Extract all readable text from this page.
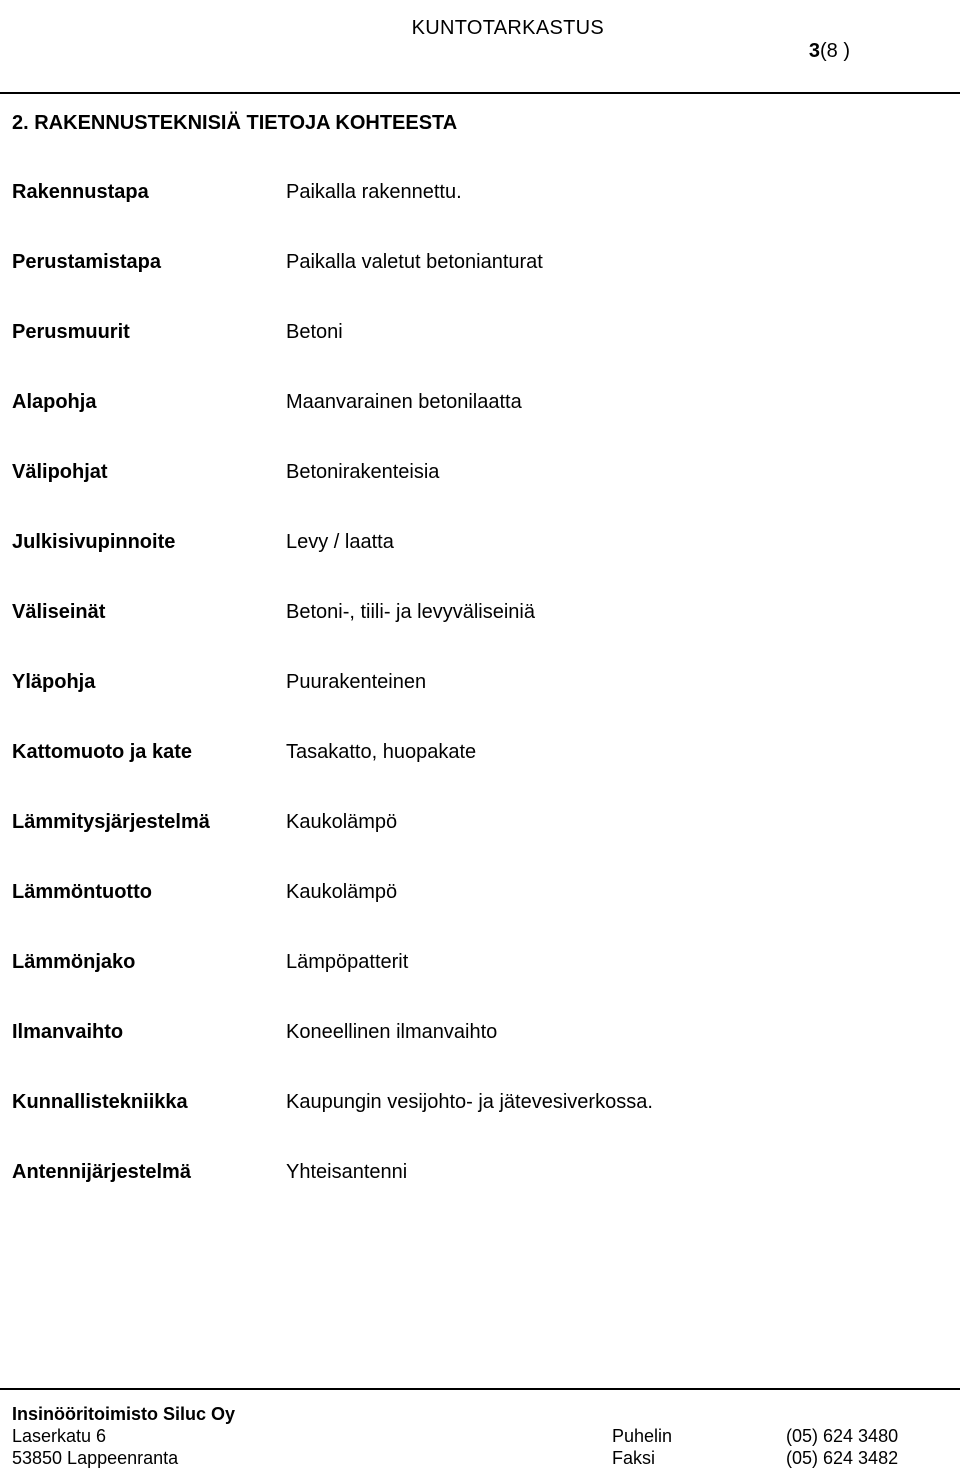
KUNTOTARKASTUS
3(8 )
2. RAKENNUSTEKNISIÄ TIETOJA KOHTEESTA
Rakennustapa	Paikalla rakennettu.
Perustamistapa	Paikalla valetut betonianturat
Perusmuurit	Betoni
Alapohja	Maanvarainen betonilaatta
Välipohjat	Betonirakenteisia
Julkisivupinnoite	Levy / laatta
Väliseinät	Betoni-, tiili- ja levyväliseiniä
Yläpohja	Puurakenteinen
Kattomuoto ja kate	Tasakatto, huopakate
Lämmitysjärjestelmä	Kaukolämpö
Lämmöntuotto	Kaukolämpö
Lämmönjako	Lämpöpatterit
Ilmanvaihto	Koneellinen ilmanvaihto
Kunnallistekniikka	Kaupungin vesijohto- ja jätevesiverkossa.
Antennijärjestelmä	Yhteisantenni
Insinööritoimisto Siluc Oy
Laserkatu 6	Puhelin	(05) 624 3480
53850 Lappeenranta	Faksi	(05) 624 3482
